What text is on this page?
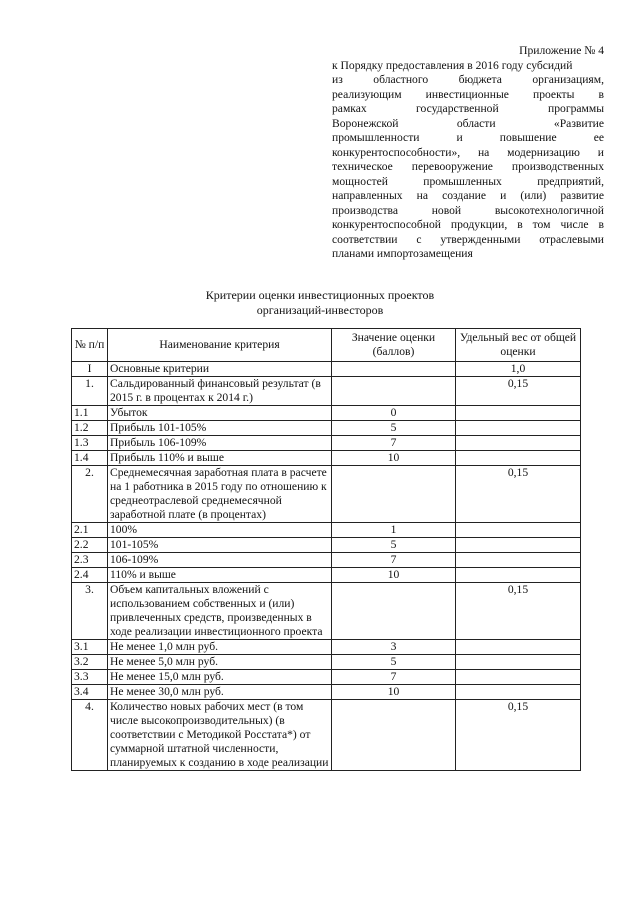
Приложение № 4
к Порядку предоставления в 2016 году субсидий
из областного бюджета организациям,
реализующим инвестиционные проекты в
рамках государственной программы
Воронежской области «Развитие
промышленности и повышение ее
конкурентоспособности», на модернизацию и
техническое перевооружение производственных
мощностей промышленных предприятий,
направленных на создание и (или) развитие
производства новой высокотехнологичной
конкурентоспособной продукции, в том числе в
соответствии с утвержденными отраслевыми
планами импортозамещения
Критерии оценки инвестиционных проектов
организаций-инвесторов
№ п/п	Наименование критерия	Значение оценки (баллов)	Удельный вес от общей оценки
I	Основные критерии		1,0
1.	Сальдированный финансовый результат (в 2015 г. в процентах к 2014 г.)		0,15
1.1	Убыток	0	
1.2	Прибыль 101-105%	5	
1.3	Прибыль 106-109%	7	
1.4	Прибыль 110% и выше	10	
2.	Среднемесячная заработная плата в расчете на 1 работника в 2015 году по отношению к среднеотраслевой среднемесячной заработной плате (в процентах)		0,15
2.1	100%	1	
2.2	101-105%	5	
2.3	106-109%	7	
2.4	110% и выше	10	
3.	Объем капитальных вложений с использованием собственных и (или) привлеченных средств, произведенных в ходе реализации инвестиционного проекта		0,15
3.1	Не менее 1,0 млн руб.	3	
3.2	Не менее 5,0 млн руб.	5	
3.3	Не менее 15,0 млн руб.	7	
3.4	Не менее 30,0 млн руб.	10	
4.	Количество новых рабочих мест (в том числе высокопроизводительных) (в соответствии с Методикой Росстата*) от суммарной штатной численности, планируемых к созданию в ходе реализации		0,15
